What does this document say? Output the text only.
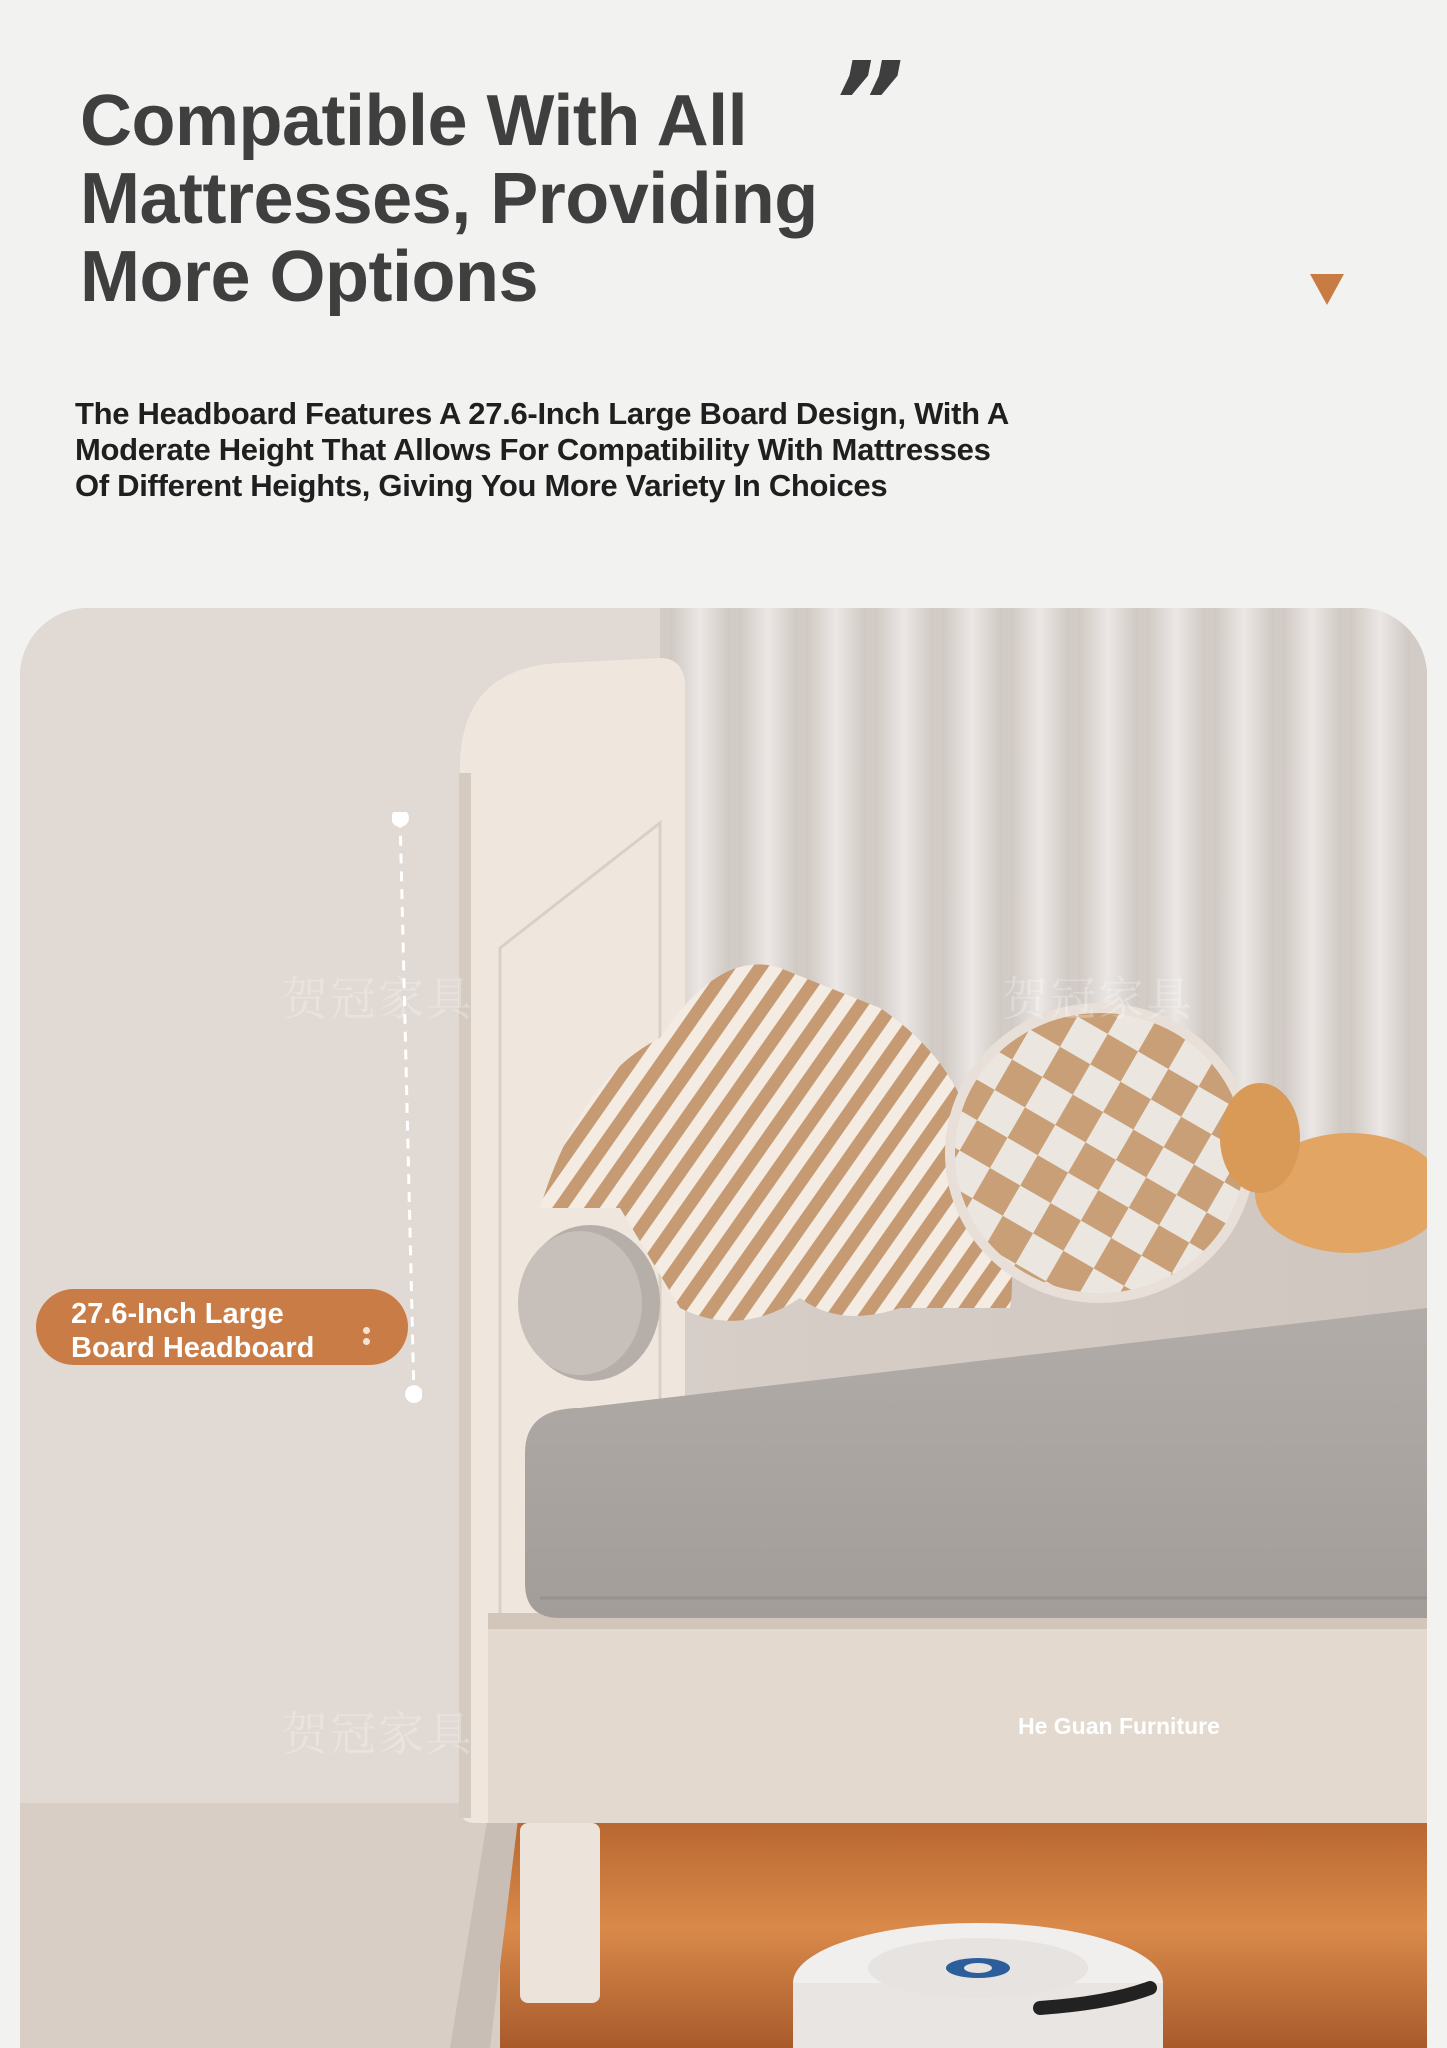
”
Compatible With All
Mattresses, Providing
More Options

The Headboard Features A 27.6-Inch Large Board Design, With A
Moderate Height That Allows For Compatibility With Mattresses
Of Different Heights, Giving You More Variety In Choices

27.6-Inch Large
Board Headboard
贺冠家具	贺冠家具
贺冠家具	He Guan Furniture
